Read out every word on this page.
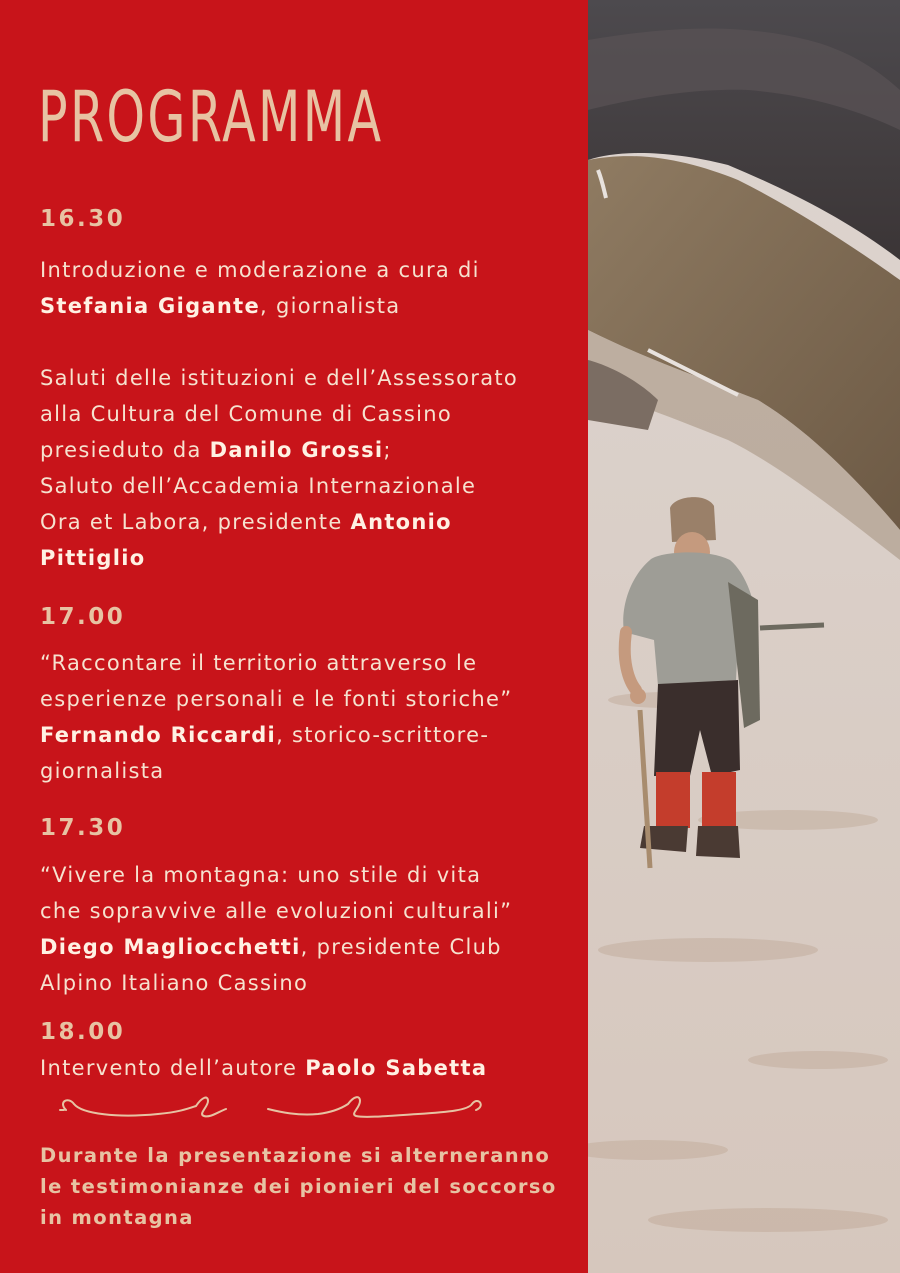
PROGRAMMA
16.30
Introduzione e moderazione a cura di
Stefania Gigante, giornalista

Saluti delle istituzioni e dell’Assessorato
alla Cultura del Comune di Cassino
presieduto da Danilo Grossi;
Saluto dell’Accademia Internazionale
Ora et Labora, presidente Antonio
Pittiglio
17.00
“Raccontare il territorio attraverso le
esperienze personali e le fonti storiche”
Fernando Riccardi, storico-scrittore-
giornalista
17.30
“Vivere la montagna: uno stile di vita
che sopravvive alle evoluzioni culturali”
Diego Magliocchetti, presidente Club
Alpino Italiano Cassino
18.00
Intervento dell’autore Paolo Sabetta
Durante la presentazione si alterneranno
le testimonianze dei pionieri del soccorso
in montagna
